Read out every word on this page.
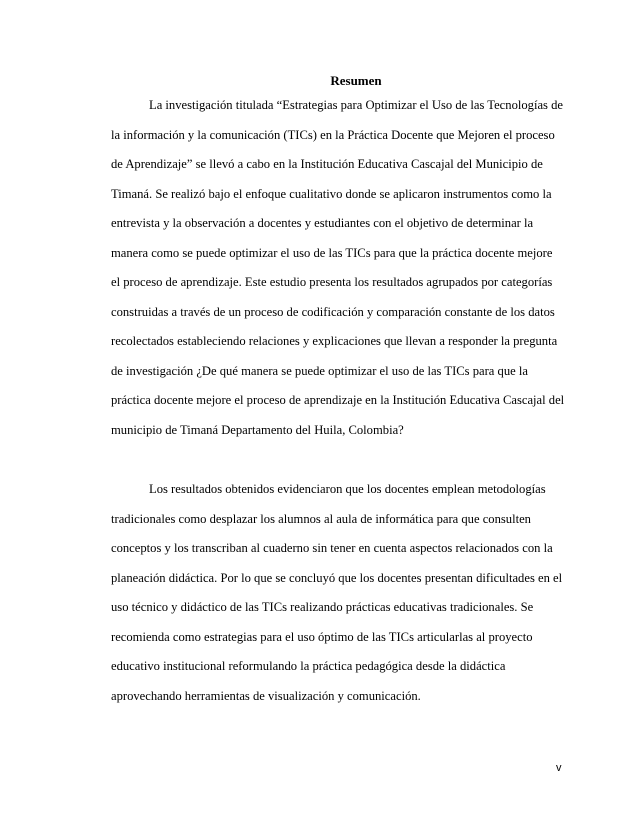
Resumen
La investigación titulada “Estrategias para Optimizar el Uso de las Tecnologías de
la información y la comunicación (TICs) en la Práctica Docente que Mejoren el proceso
de Aprendizaje” se llevó a cabo en la Institución Educativa Cascajal del Municipio de
Timaná. Se realizó bajo el enfoque cualitativo donde se aplicaron instrumentos como la
entrevista y la observación a docentes y estudiantes con el objetivo de determinar la
manera como se puede optimizar el uso de las TICs para que la práctica docente mejore
el proceso de aprendizaje. Este estudio presenta los resultados agrupados por categorías
construidas a través de un proceso de codificación y comparación constante de los datos
recolectados estableciendo relaciones y explicaciones que llevan a responder la pregunta
de investigación ¿De qué manera se puede optimizar el uso de las TICs para que la
práctica docente mejore el proceso de aprendizaje en la Institución Educativa Cascajal del
municipio de Timaná Departamento del Huila, Colombia?
Los resultados obtenidos evidenciaron que los docentes emplean metodologías
tradicionales como desplazar los alumnos al aula de informática para que consulten
conceptos y los transcriban al cuaderno sin tener en cuenta aspectos relacionados con la
planeación didáctica. Por lo que se concluyó que los docentes presentan dificultades en el
uso técnico y didáctico de las TICs realizando prácticas educativas tradicionales. Se
recomienda como estrategias para el uso óptimo de las TICs articularlas al proyecto
educativo institucional reformulando la práctica pedagógica desde la didáctica
aprovechando herramientas de visualización y comunicación.
v
